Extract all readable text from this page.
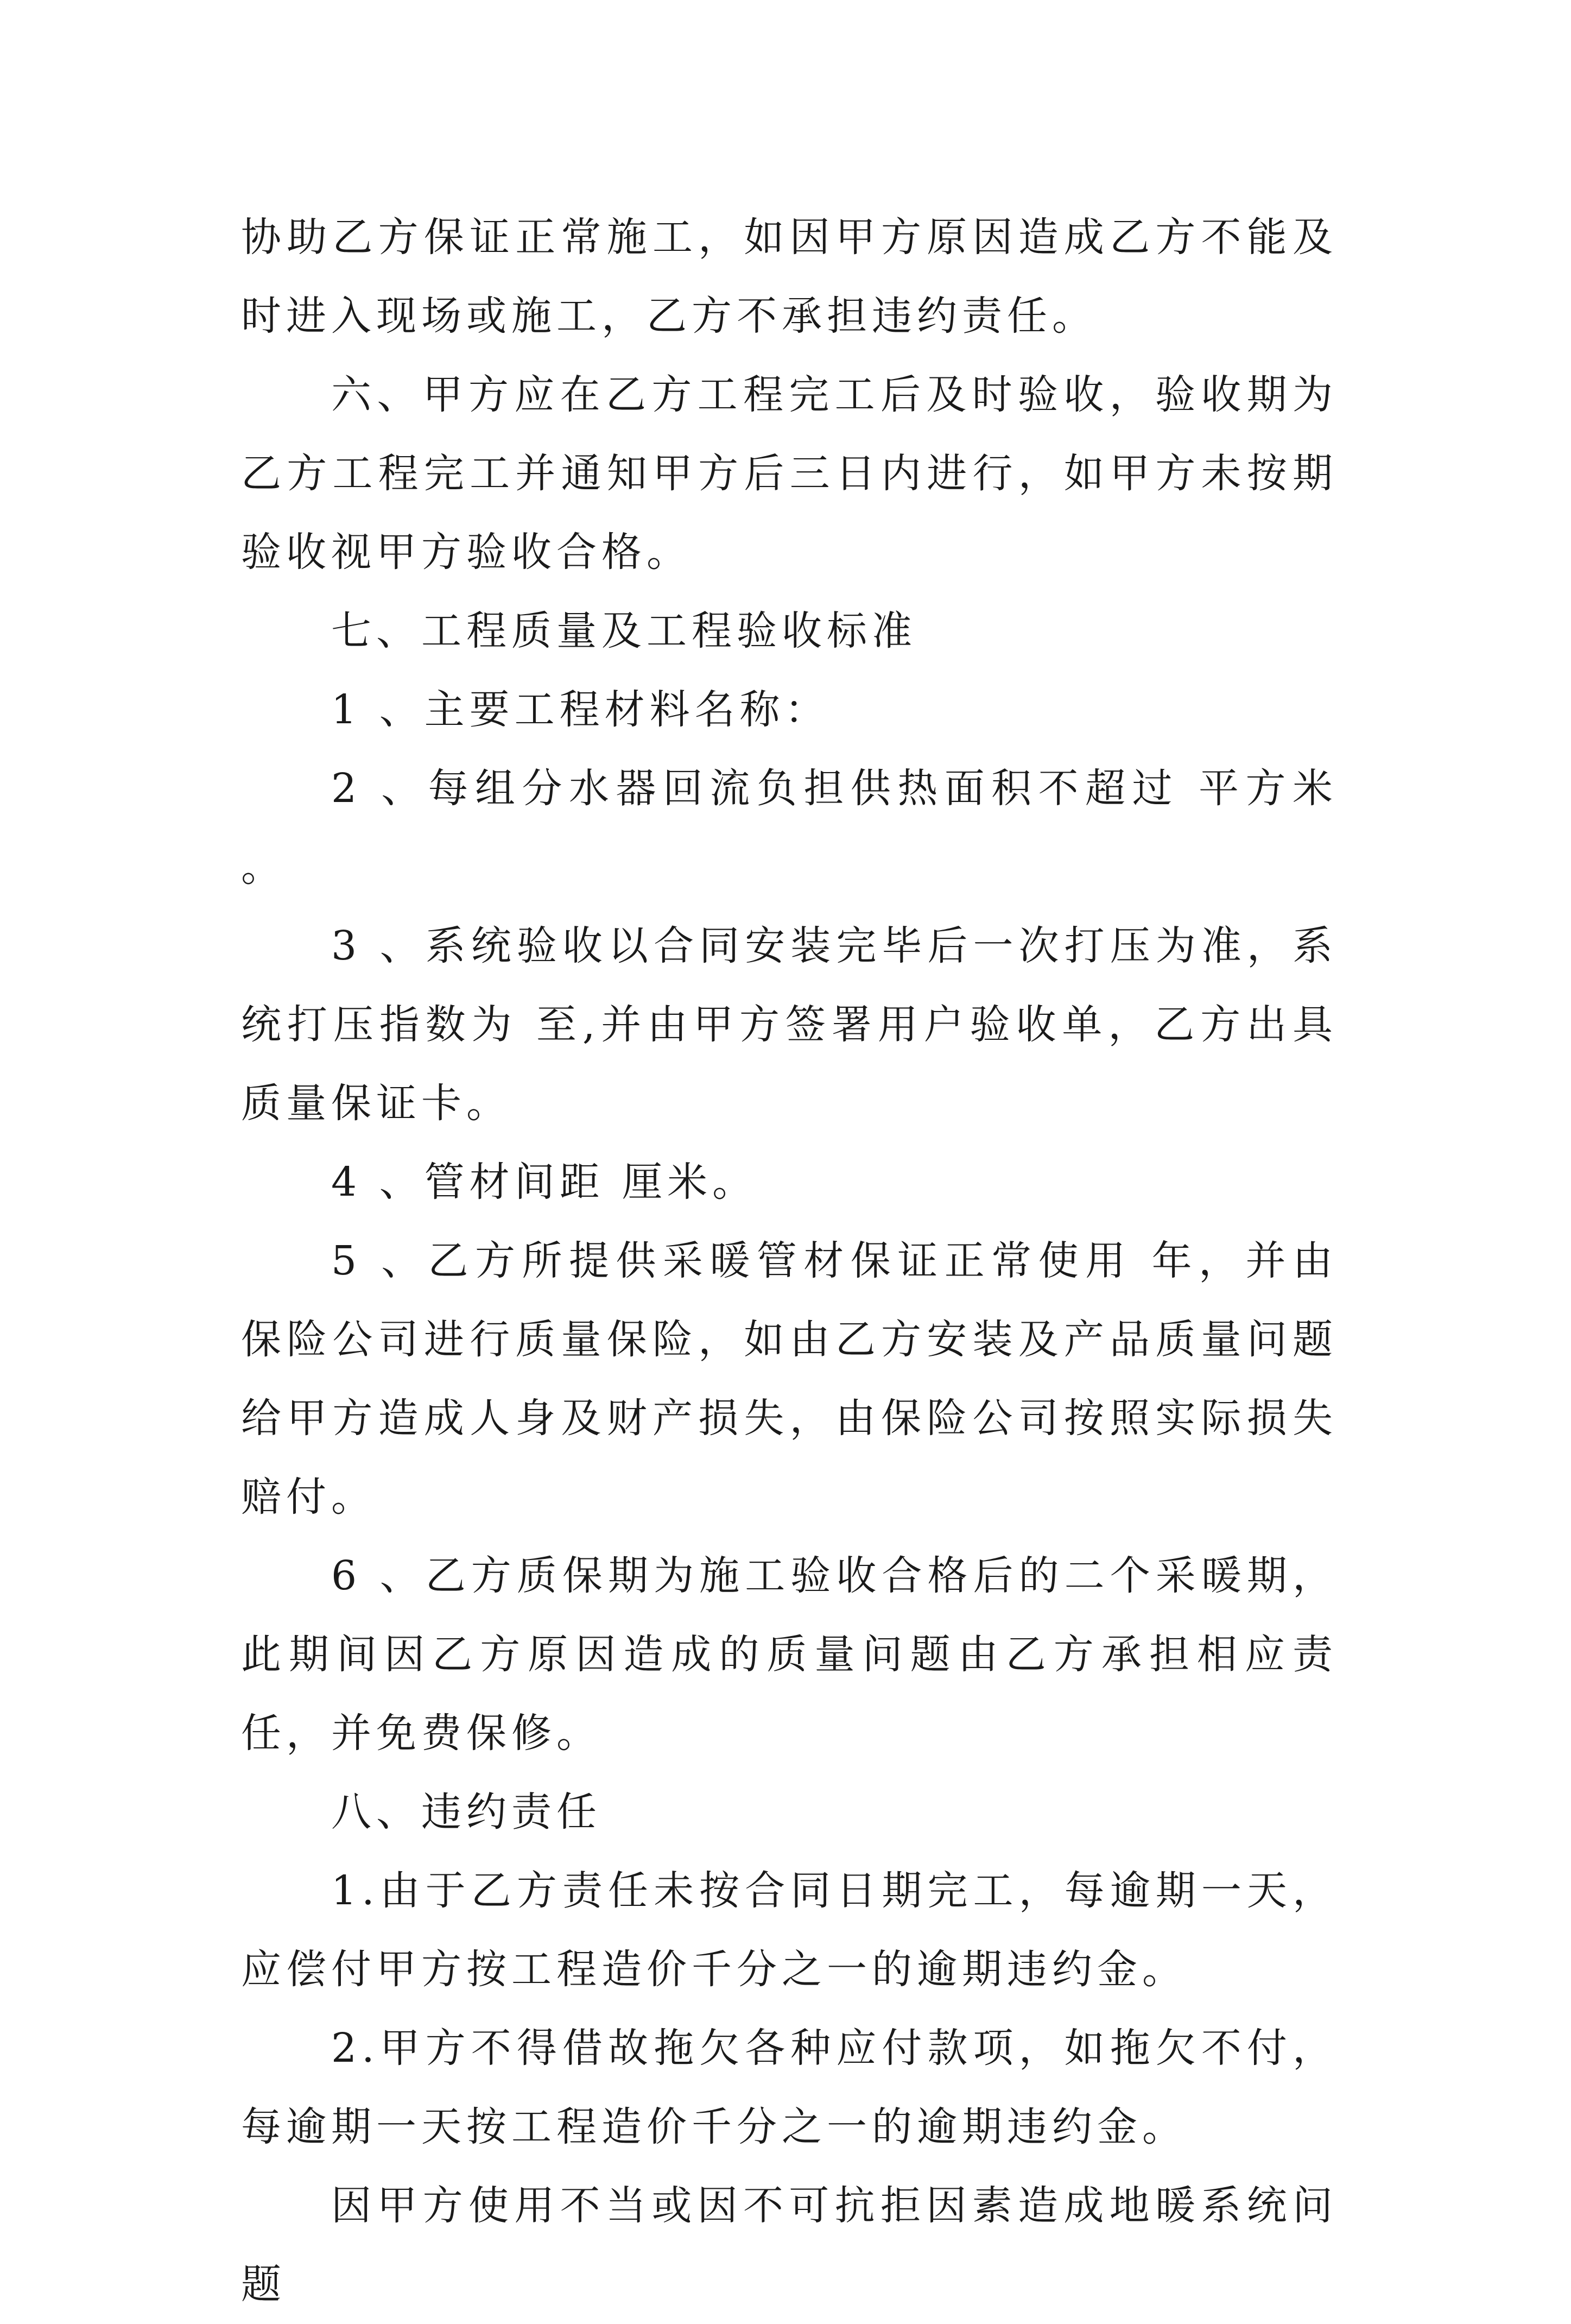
协助乙方保证正常施工，如因甲方原因造成乙方不能及时进入现场或施工，乙方不承担违约责任。

六、甲方应在乙方工程完工后及时验收，验收期为乙方工程完工并通知甲方后三日内进行，如甲方未按期验收视甲方验收合格。

七、工程质量及工程验收标准

1 、主要工程材料名称：

2 、每组分水器回流负担供热面积不超过 平方米 。

3 、系统验收以合同安装完毕后一次打压为准，系统打压指数为 至,并由甲方签署用户验收单，乙方出具质量保证卡。

4 、管材间距 厘米。

5 、乙方所提供采暖管材保证正常使用 年，并由保险公司进行质量保险，如由乙方安装及产品质量问题给甲方造成人身及财产损失，由保险公司按照实际损失赔付。

6 、乙方质保期为施工验收合格后的二个采暖期，此期间因乙方原因造成的质量问题由乙方承担相应责任，并免费保修。

八、违约责任

1.由于乙方责任未按合同日期完工，每逾期一天，应偿付甲方按工程造价千分之一的逾期违约金。

2.甲方不得借故拖欠各种应付款项，如拖欠不付，每逾期一天按工程造价千分之一的逾期违约金。

因甲方使用不当或因不可抗拒因素造成地暖系统问题
